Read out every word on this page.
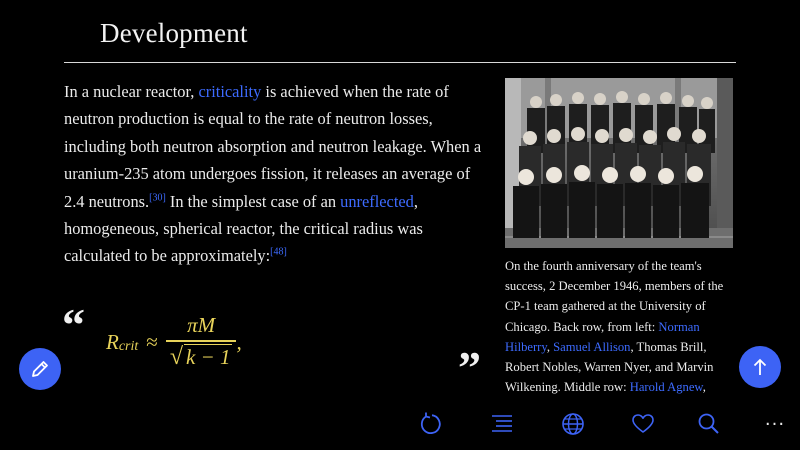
Development
In a nuclear reactor, criticality is achieved when the rate of neutron production is equal to the rate of neutron losses, including both neutron absorption and neutron leakage. When a uranium-235 atom undergoes fission, it releases an average of 2.4 neutrons.[30] In the simplest case of an unreflected, homogeneous, spherical reactor, the critical radius was calculated to be approximately:[48]
“
”
R crit ≈ $\frac{\pi M}{√ k - 1}$ ,
On the fourth anniversary of the team's success, 2 December 1946, members of the CP-1 team gathered at the University of Chicago. Back row, from left: Norman Hilberry, Samuel Allison, Thomas Brill, Robert Nobles, Warren Nyer, and Marvin Wilkening. Middle row: Harold Agnew,
···
